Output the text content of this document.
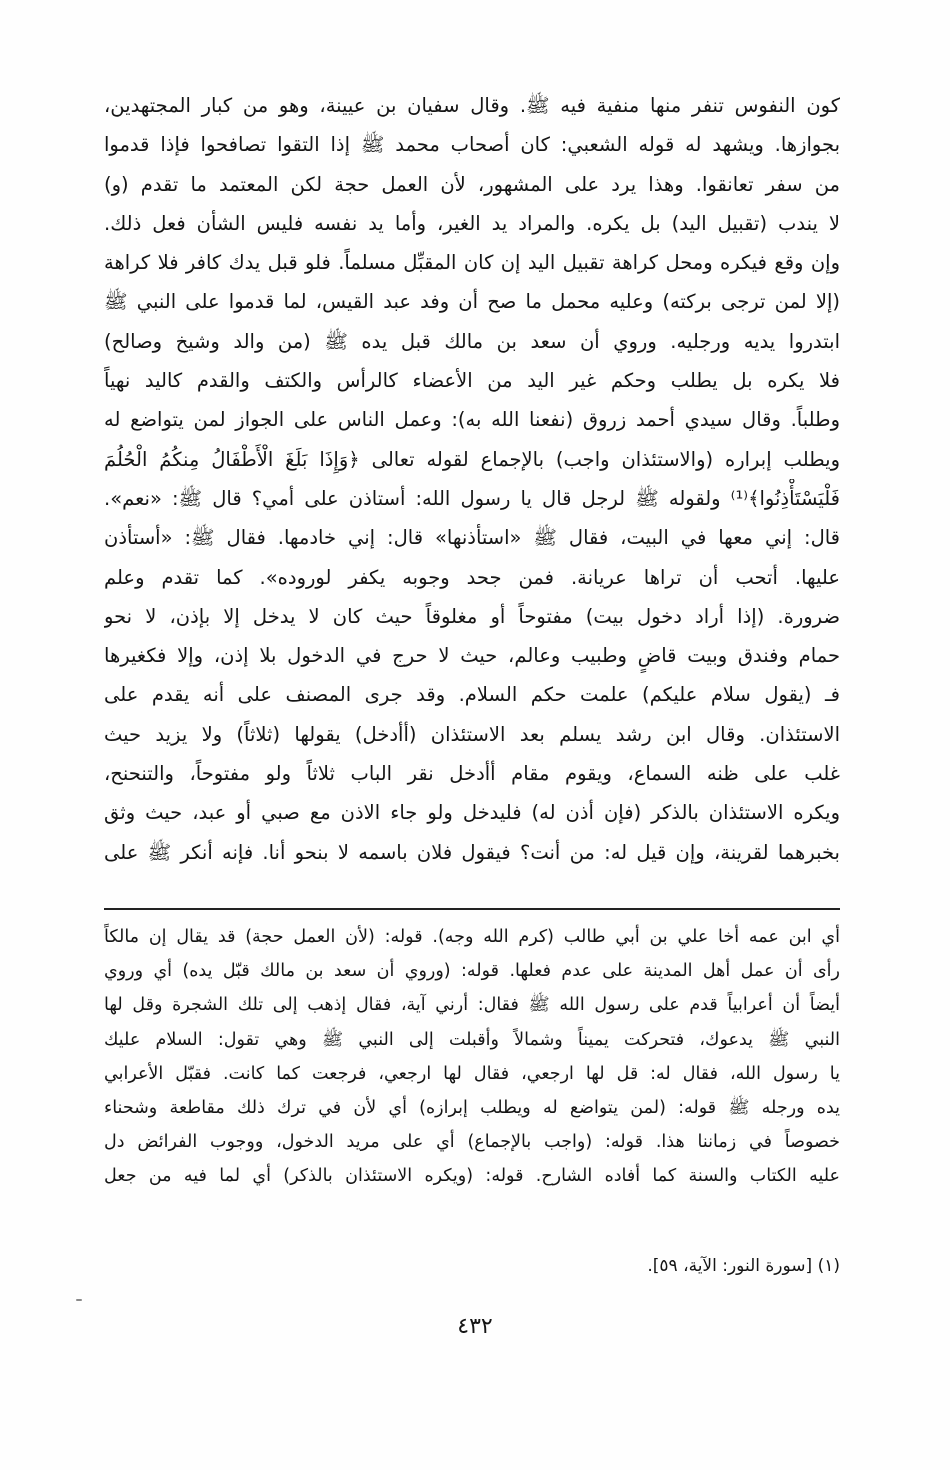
كون النفوس تنفر منها منفية فيه ﷺ. وقال سفيان بن عيينة، وهو من كبار المجتهدين،
بجوازها. ويشهد له قوله الشعبي: كان أصحاب محمد ﷺ إذا التقوا تصافحوا فإذا قدموا
من سفر تعانقوا. وهذا يرد على المشهور، لأن العمل حجة لكن المعتمد ما تقدم (و)
لا يندب (تقبيل اليد) بل يكره. والمراد يد الغير، وأما يد نفسه فليس الشأن فعل ذلك.
وإن وقع فيكره ومحل كراهة تقبيل اليد إن كان المقبِّل مسلماً. فلو قبل يدك كافر فلا كراهة
(إلا لمن ترجى بركته) وعليه محمل ما صح أن وفد عبد القيس، لما قدموا على النبي ﷺ
ابتدروا يديه ورجليه. وروي أن سعد بن مالك قبل يده ﷺ (من والد وشيخ وصالح)
فلا يكره بل يطلب وحكم غير اليد من الأعضاء كالرأس والكتف والقدم كاليد نهياً
وطلباً. وقال سيدي أحمد زروق (نفعنا الله به): وعمل الناس على الجواز لمن يتواضع له
ويطلب إبراره (والاستئذان واجب) بالإجماع لقوله تعالى ﴿وَإِذَا بَلَغَ الْأَطْفَالُ مِنكُمُ الْحُلُمَ
فَلْيَسْتَأْذِنُوا﴾⁽¹⁾ ولقوله ﷺ لرجل قال يا رسول الله: أستاذن على أمي؟ قال ﷺ: «نعم».
قال: إني معها في البيت، فقال ﷺ «استأذنها» قال: إني خادمها. فقال ﷺ: «أستأذن
عليها. أتحب أن تراها عريانة. فمن جحد وجوبه يكفر لوروده». كما تقدم وعلم
ضرورة. (إذا أراد دخول بيت) مفتوحاً أو مغلوقاً حيث كان لا يدخل إلا بإذن، لا نحو
حمام وفندق وبيت قاضٍ وطبيب وعالم، حيث لا حرج في الدخول بلا إذن، وإلا فكغيرها
فـ (يقول سلام عليكم) علمت حكم السلام. وقد جرى المصنف على أنه يقدم على
الاستئذان. وقال ابن رشد يسلم بعد الاستئذان (أأدخل) يقولها (ثلاثاً) ولا يزيد حيث
غلب على ظنه السماع، ويقوم مقام أأدخل نقر الباب ثلاثاً ولو مفتوحاً، والتنحنح،
ويكره الاستئذان بالذكر (فإن أذن له) فليدخل ولو جاء الاذن مع صبي أو عبد، حيث وثق
بخبرهما لقرينة، وإن قيل له: من أنت؟ فيقول فلان باسمه لا بنحو أنا. فإنه أنكر ﷺ على
أي ابن عمه أخا علي بن أبي طالب (كرم الله وجه). قوله: (لأن العمل حجة) قد يقال إن مالكاً
رأى أن عمل أهل المدينة على عدم فعلها. قوله: (وروي أن سعد بن مالك قبّل يده) أي وروي
أيضاً أن أعرابياً قدم على رسول الله ﷺ فقال: أرني آية، فقال إذهب إلى تلك الشجرة وقل لها
النبي ﷺ يدعوك، فتحركت يميناً وشمالاً وأقبلت إلى النبي ﷺ وهي تقول: السلام عليك
يا رسول الله، فقال له: قل لها ارجعي، فقال لها ارجعي، فرجعت كما كانت. فقبّل الأعرابي
يده ورجله ﷺ قوله: (لمن يتواضع له ويطلب إبرازه) أي لأن في ترك ذلك مقاطعة وشحناء
خصوصاً في زماننا هذا. قوله: (واجب بالإجماع) أي على مريد الدخول، ووجوب الفرائض دل
عليه الكتاب والسنة كما أفاده الشارح. قوله: (ويكره الاستئذان بالذكر) أي لما فيه من جعل
(١) [سورة النور: الآية، ٥٩].
٤٣٢
